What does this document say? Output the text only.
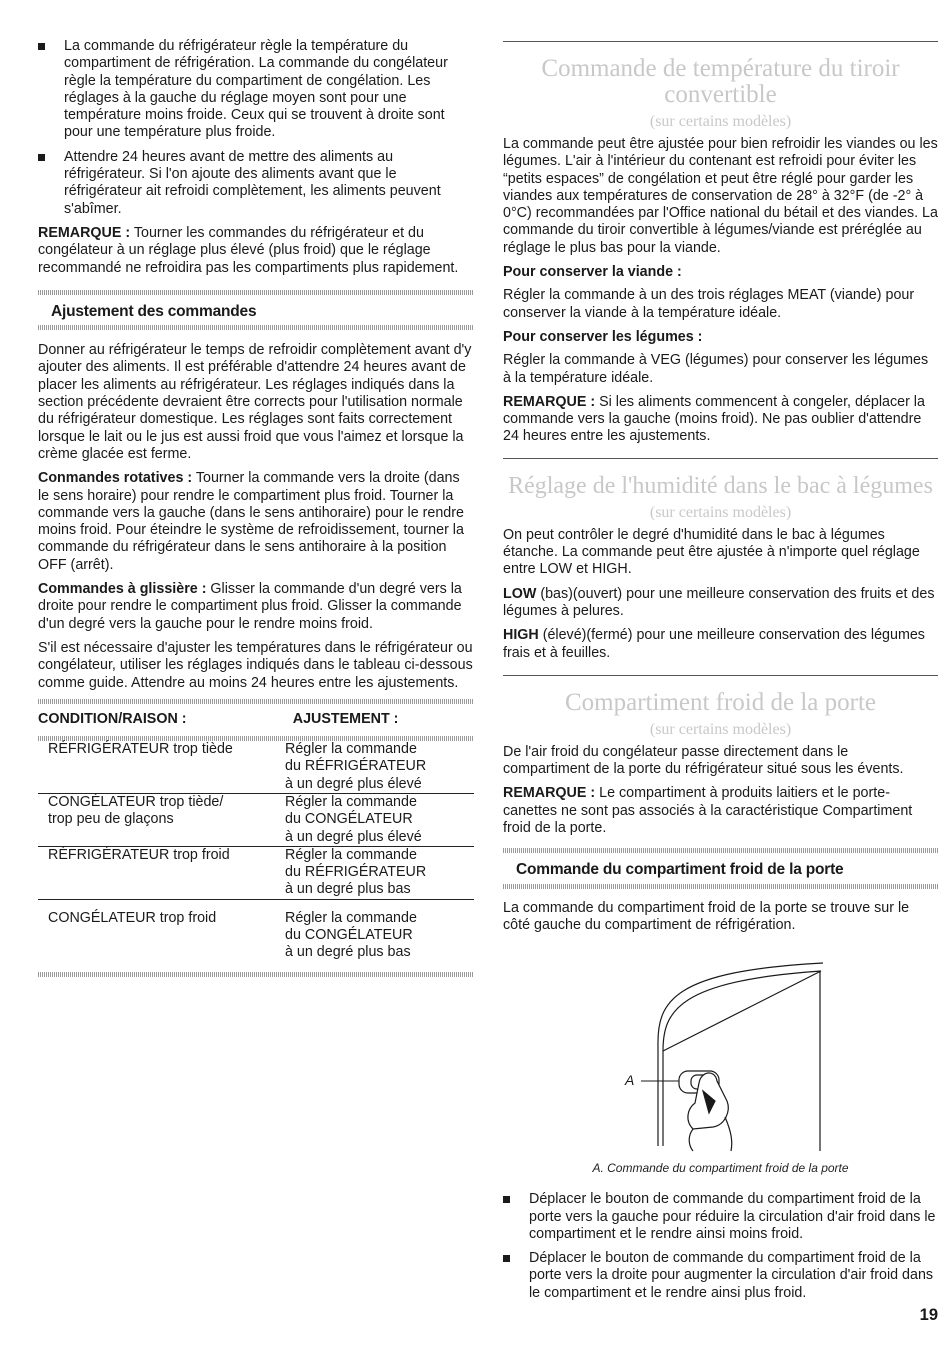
La commande du réfrigérateur règle la température du compartiment de réfrigération. La commande du congélateur règle la température du compartiment de congélation. Les réglages à la gauche du réglage moyen sont pour une température moins froide. Ceux qui se trouvent à droite sont pour une température plus froide.
Attendre 24 heures avant de mettre des aliments au réfrigérateur. Si l'on ajoute des aliments avant que le réfrigérateur ait refroidi complètement, les aliments peuvent s'abîmer.

REMARQUE : Tourner les commandes du réfrigérateur et du congélateur à un réglage plus élevé (plus froid) que le réglage recommandé ne refroidira pas les compartiments plus rapidement.

Ajustement des commandes

Donner au réfrigérateur le temps de refroidir complètement avant d'y ajouter des aliments. Il est préférable d'attendre 24 heures avant de placer les aliments au réfrigérateur. Les réglages indiqués dans la section précédente devraient être corrects pour l'utilisation normale du réfrigérateur domestique. Les réglages sont faits correctement lorsque le lait ou le jus est aussi froid que vous l'aimez et lorsque la crème glacée est ferme.

Conmandes rotatives : Tourner la commande vers la droite (dans le sens horaire) pour rendre le compartiment plus froid. Tourner la commande vers la gauche (dans le sens antihoraire) pour le rendre moins froid. Pour éteindre le système de refroidissement, tourner la commande du réfrigérateur dans le sens antihoraire à la position OFF (arrêt).

Commandes à glissière : Glisser la commande d'un degré vers la droite pour rendre le compartiment plus froid. Glisser la commande d'un degré vers la gauche pour le rendre moins froid.

S'il est nécessaire d'ajuster les températures dans le réfrigérateur ou congélateur, utiliser les réglages indiqués dans le tableau ci-dessous comme guide. Attendre au moins 24 heures entre les ajustements.

CONDITION/RAISON :	AJUSTEMENT :
RÉFRIGÉRATEUR trop tiède	Régler la commande
du RÉFRIGÉRATEUR
à un degré plus élevé
CONGÉLATEUR trop tiède/
trop peu de glaçons	Régler la commande
du CONGÉLATEUR
à un degré plus élevé
RÉFRIGÉRATEUR trop froid	Régler la commande
du RÉFRIGÉRATEUR
à un degré plus bas
CONGÉLATEUR trop froid	Régler la commande
du CONGÉLATEUR
à un degré plus bas
Commande de température du tiroir convertible
(sur certains modèles)

La commande peut être ajustée pour bien refroidir les viandes ou les légumes. L'air à l'intérieur du contenant est refroidi pour éviter les “petits espaces” de congélation et peut être réglé pour garder les viandes aux températures de conservation de 28° à 32°F (de -2° à 0°C) recommandées par l'Office national du bétail et des viandes. La commande du tiroir convertible à légumes/viande est préréglée au réglage le plus bas pour la viande.

Pour conserver la viande :

Régler la commande à un des trois réglages MEAT (viande) pour conserver la viande à la température idéale.

Pour conserver les légumes :

Régler la commande à VEG (légumes) pour conserver les légumes à la température idéale.

REMARQUE : Si les aliments commencent à congeler, déplacer la commande vers la gauche (moins froid). Ne pas oublier d'attendre 24 heures entre les ajustements.

Réglage de l'humidité dans le bac à légumes
(sur certains modèles)

On peut contrôler le degré d'humidité dans le bac à légumes étanche. La commande peut être ajustée à n'importe quel réglage entre LOW et HIGH.

LOW (bas)(ouvert) pour une meilleure conservation des fruits et des légumes à pelures.

HIGH (élevé)(fermé) pour une meilleure conservation des légumes frais et à feuilles.

Compartiment froid de la porte
(sur certains modèles)

De l'air froid du congélateur passe directement dans le compartiment de la porte du réfrigérateur situé sous les évents.

REMARQUE : Le compartiment à produits laitiers et le porte-canettes ne sont pas associés à la caractéristique Compartiment froid de la porte.

Commande du compartiment froid de la porte

La commande du compartiment froid de la porte se trouve sur le côté gauche du compartiment de réfrigération.

A
A. Commande du compartiment froid de la porte
Déplacer le bouton de commande du compartiment froid de la porte vers la gauche pour réduire la circulation d'air froid dans le compartiment et le rendre ainsi moins froid.
Déplacer le bouton de commande du compartiment froid de la porte vers la droite pour augmenter la circulation d'air froid dans le compartiment et le rendre ainsi plus froid.
19
